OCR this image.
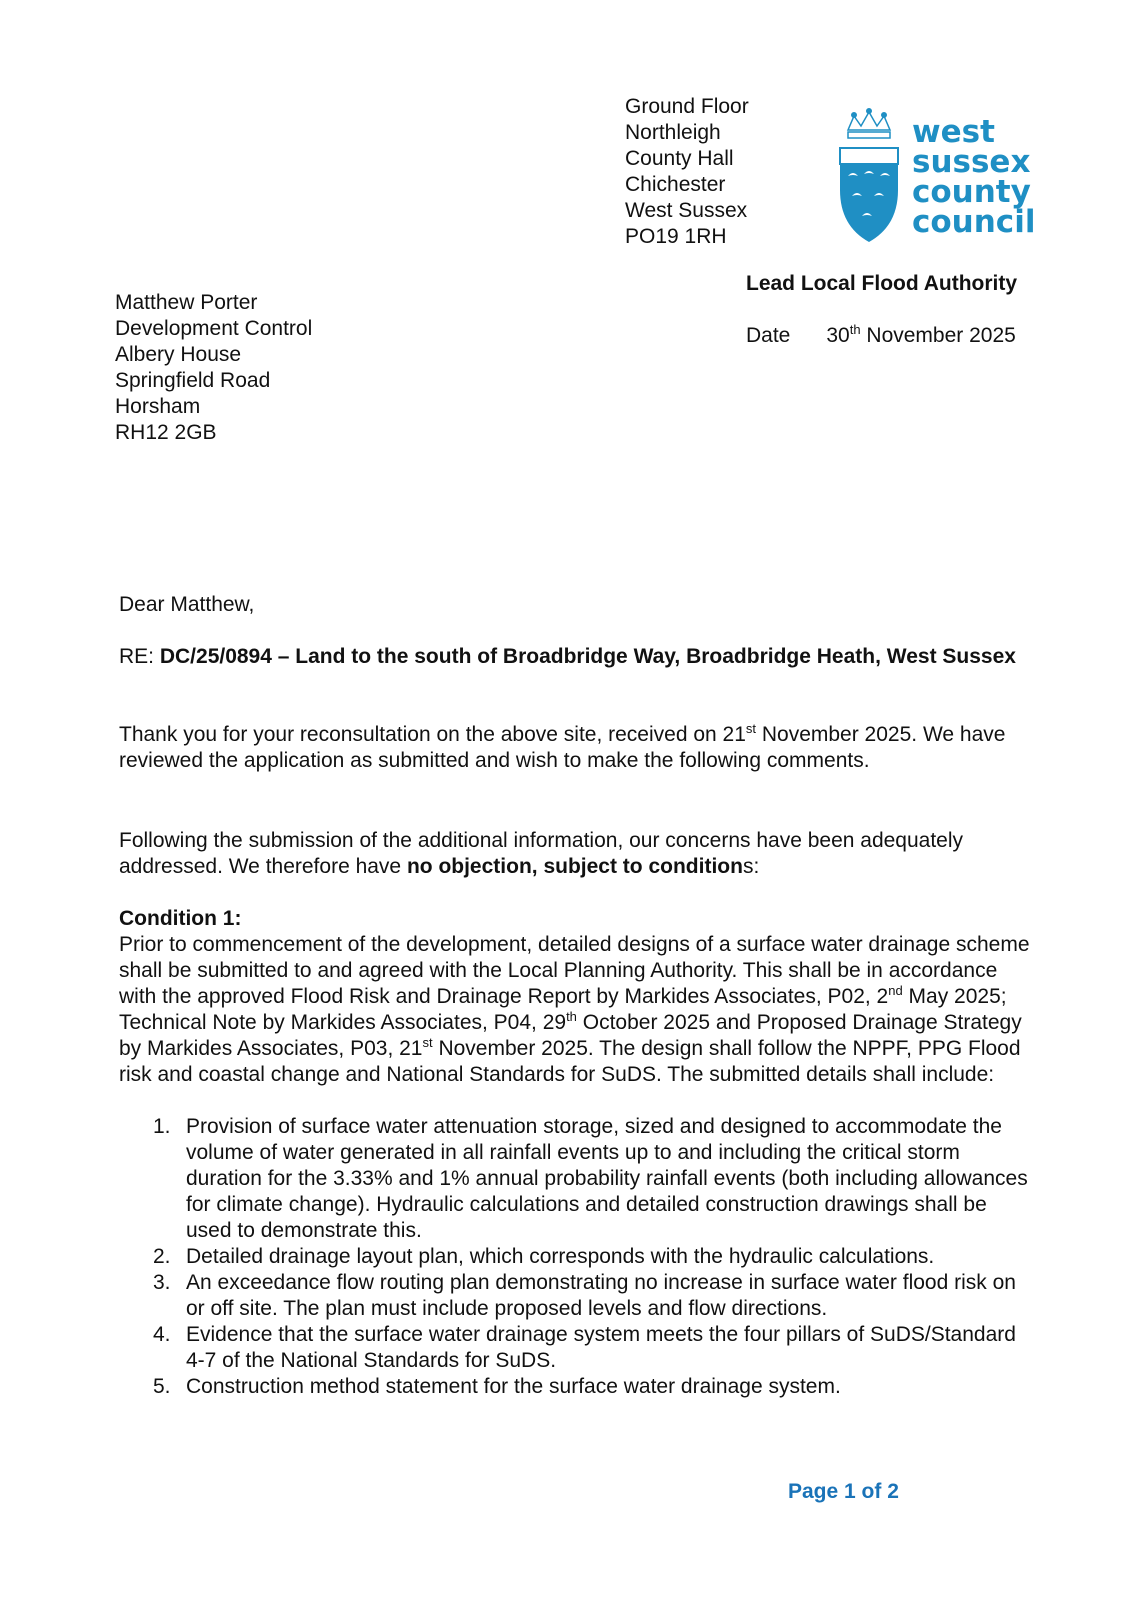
Ground Floor
Northleigh
County Hall
Chichester
West Sussex
PO19 1RH
west
sussex
county
council
Lead Local Flood Authority
Date 30th November 2025
Matthew Porter
Development Control
Albery House
Springfield Road
Horsham
RH12 2GB
Dear Matthew,
RE: DC/25/0894 – Land to the south of Broadbridge Way, Broadbridge Heath, West Sussex
Thank you for your reconsultation on the above site, received on 21st November 2025. We have reviewed the application as submitted and wish to make the following comments.
Following the submission of the additional information, our concerns have been adequately addressed. We therefore have no objection, subject to conditions:
Condition 1:
Prior to commencement of the development, detailed designs of a surface water drainage scheme shall be submitted to and agreed with the Local Planning Authority. This shall be in accordance with the approved Flood Risk and Drainage Report by Markides Associates, P02, 2nd May 2025; Technical Note by Markides Associates, P04, 29th October 2025 and Proposed Drainage Strategy by Markides Associates, P03, 21st November 2025. The design shall follow the NPPF, PPG Flood risk and coastal change and National Standards for SuDS. The submitted details shall include:
1. Provision of surface water attenuation storage, sized and designed to accommodate the volume of water generated in all rainfall events up to and including the critical storm duration for the 3.33% and 1% annual probability rainfall events (both including allowances for climate change). Hydraulic calculations and detailed construction drawings shall be used to demonstrate this.
2. Detailed drainage layout plan, which corresponds with the hydraulic calculations.
3. An exceedance flow routing plan demonstrating no increase in surface water flood risk on or off site. The plan must include proposed levels and flow directions.
4. Evidence that the surface water drainage system meets the four pillars of SuDS/Standard 4-7 of the National Standards for SuDS.
5. Construction method statement for the surface water drainage system.
Page 1 of 2
